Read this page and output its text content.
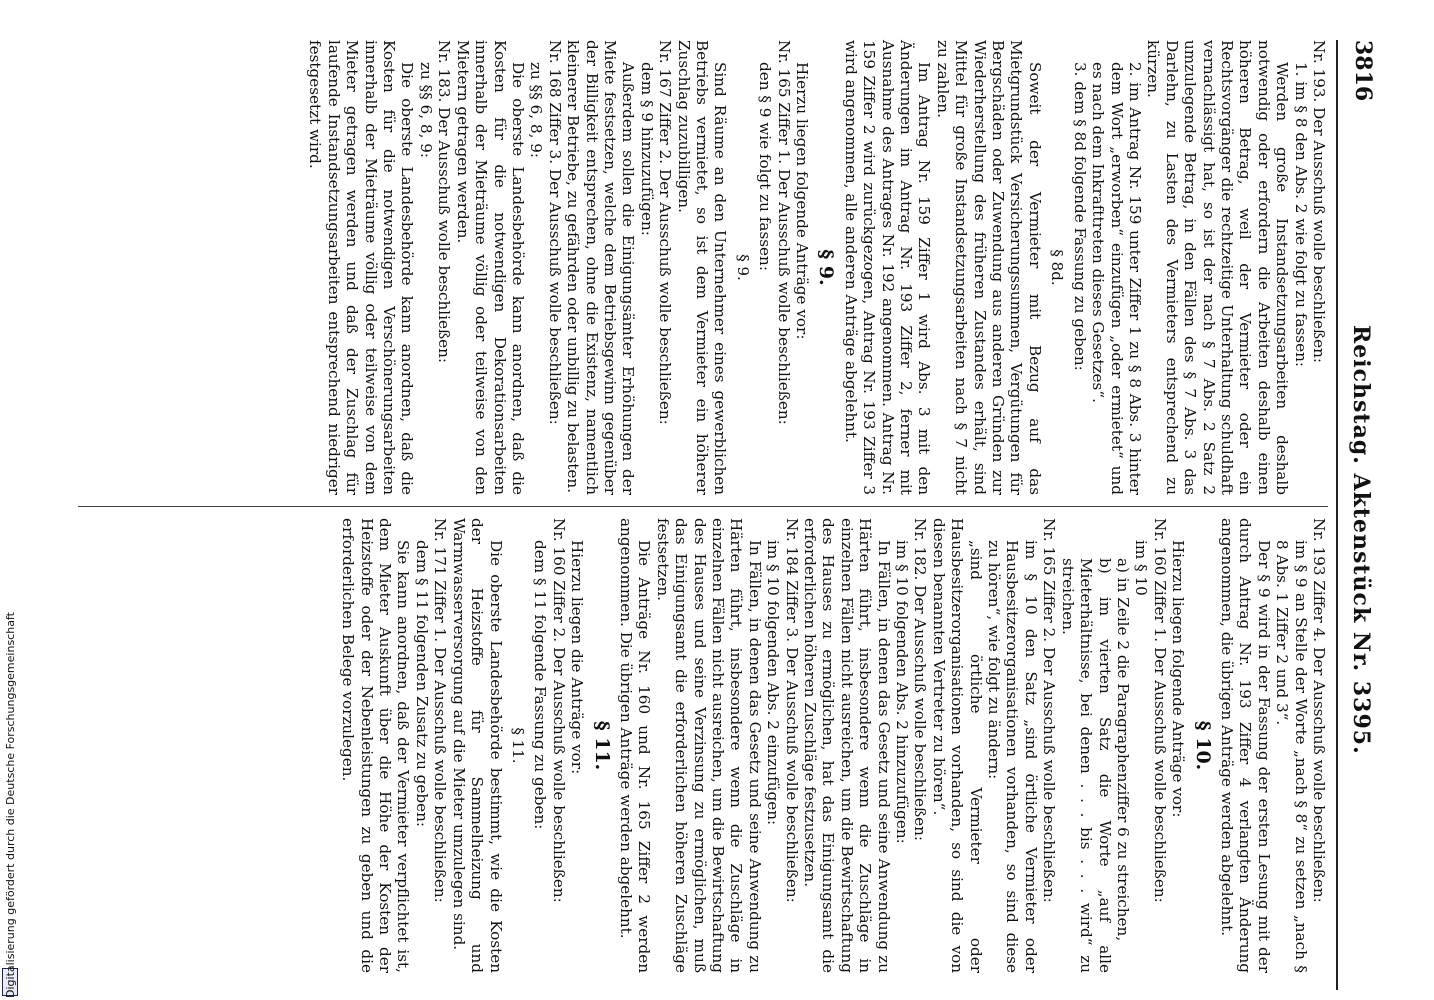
3816
Reichstag. Aktenstück Nr. 3395.
Nr. 193. Der Ausschuß wolle beschließen:
1. im § 8 den Abs. 2 wie folgt zu fassen:
Werden große Instandsetzungsarbeiten deshalb notwendig oder erfordern die Arbeiten deshalb einen höheren Betrag, weil der Vermieter oder ein Rechtsvorgänger die rechtzeitige Unterhaltung schuldhaft vernachlässigt hat, so ist der nach § 7 Abs. 2 Satz 2 umzulegende Betrag, in den Fällen des § 7 Abs. 3 das Darlehn, zu Lasten des Vermieters entsprechend zu kürzen.
2. im Antrag Nr. 159 unter Ziffer 1 zu § 8 Abs. 3 hinter dem Wort „erworben“ einzufügen „oder ermietet“ und es nach dem Inkrafttreten dieses Gesetzes“.
3. dem § 8d folgende Fassung zu geben:
§ 8d.
Soweit der Vermieter mit Bezug auf das Mietgrundstück Versicherungssummen, Vergütungen für Bergschäden oder Zuwendung aus anderen Gründen zur Wiederherstellung des früheren Zustandes erhält, sind Mittel für große Instandsetzungsarbeiten nach § 7 nicht zu zahlen.
Im Antrag Nr. 159 Ziffer 1 wird Abs. 3 mit den Änderungen im Antrag Nr. 193 Ziffer 2, ferner mit Ausnahme des Antrages Nr. 192 angenommen. Antrag Nr. 159 Ziffer 2 wird zurückgezogen, Antrag Nr. 193 Ziffer 3 wird angenommen, alle anderen Anträge abgelehnt.
§ 9.
Hierzu liegen folgende Anträge vor:
Nr. 165 Ziffer 1. Der Ausschuß wolle beschließen:
den § 9 wie folgt zu fassen:
§ 9.
Sind Räume an den Unternehmer eines gewerblichen Betriebs vermietet, so ist dem Vermieter ein höherer Zuschlag zuzubilligen.
Nr. 167 Ziffer 2. Der Ausschuß wolle beschließen:
dem § 9 hinzuzufügen:
Außerdem sollen die Einigungsämter Erhöhungen der Miete festsetzen, welche dem Betriebsgewinn gegenüber der Billigkeit entsprechen, ohne die Existenz, namentlich kleinerer Betriebe, zu gefährden oder unbillig zu belasten.
Nr. 168 Ziffer 3. Der Ausschuß wolle beschließen:
zu §§ 6, 8, 9:
Die oberste Landesbehörde kann anordnen, daß die Kosten für die notwendigen Dekorationsarbeiten innerhalb der Mieträume völlig oder teilweise von den Mietern getragen werden.
Nr. 183. Der Ausschuß wolle beschließen:
zu §§ 6, 8, 9:
Die oberste Landesbehörde kann anordnen, daß die Kosten für die notwendigen Verschönerungsarbeiten innerhalb der Mieträume völlig oder teilweise von dem Mieter getragen werden und daß der Zuschlag für laufende Instandsetzungsarbeiten entsprechend niedriger festgesetzt wird.
Nr. 193 Ziffer 4. Der Ausschuß wolle beschließen:
im § 9 an Stelle der Worte „nach § 8“ zu setzen „nach § 8 Abs. 1 Ziffer 2 und 3“.
Der § 9 wird in der Fassung der ersten Lesung mit der durch Antrag Nr. 193 Ziffer 4 verlangten Änderung angenommen, die übrigen Anträge werden abgelehnt.
§ 10.
Hierzu liegen folgende Anträge vor:
Nr. 160 Ziffer 1. Der Ausschuß wolle beschließen:
im § 10
a) in Zeile 2 die Paragraphenziffer 6 zu streichen,
b) im vierten Satz die Worte „auf alle Mieterhältnisse, bei denen . . . bis . . . wird“ zu streichen.
Nr. 165 Ziffer 2. Der Ausschuß wolle beschließen:
im § 10 den Satz „sind örtliche Vermieter oder Hausbesitzerorganisationen vorhanden, so sind diese zu hören“, wie folgt zu ändern:
„sind örtliche Vermieter oder Hausbesitzerorganisationen vorhanden, so sind die von diesen benannten Vertreter zu hören“.
Nr. 182. Der Ausschuß wolle beschließen:
im § 10 folgenden Abs. 2 hinzuzufügen:
In Fällen, in denen das Gesetz und seine Anwendung zu Härten führt, insbesondere wenn die Zuschläge in einzelnen Fällen nicht ausreichen, um die Bewirtschaftung des Hauses zu ermöglichen, hat das Einigungsamt die erforderlichen höheren Zuschläge festzusetzen.
Nr. 184 Ziffer 3. Der Ausschuß wolle beschließen:
im § 10 folgenden Abs. 2 einzufügen:
In Fällen, in denen das Gesetz und seine Anwendung zu Härten führt, insbesondere wenn die Zuschläge in einzelnen Fällen nicht ausreichen, um die Bewirtschaftung des Hauses und seine Verzinsung zu ermöglichen, muß das Einigungsamt die erforderlichen höheren Zuschläge festsetzen.
Die Anträge Nr. 160 und Nr. 165 Ziffer 2 werden angenommen. Die übrigen Anträge werden abgelehnt.
§ 11.
Hierzu liegen die Anträge vor:
Nr. 160 Ziffer 2. Der Ausschuß wolle beschließen:
dem § 11 folgende Fassung zu geben:
§ 11.
Die oberste Landesbehörde bestimmt, wie die Kosten der Heizstoffe für Sammelheizung und Warmwasserversorgung auf die Mieter umzulegen sind.
Nr. 171 Ziffer 1. Der Ausschuß wolle beschließen:
dem § 11 folgenden Zusatz zu geben:
Sie kann anordnen, daß der Vermieter verpflichtet ist, dem Mieter Auskunft über die Höhe der Kosten der Heizstoffe oder der Nebenleistungen zu geben und die erforderlichen Belege vorzulegen.
Digitalisierung gefördert durch die Deutsche Forschungsgemeinschaft
